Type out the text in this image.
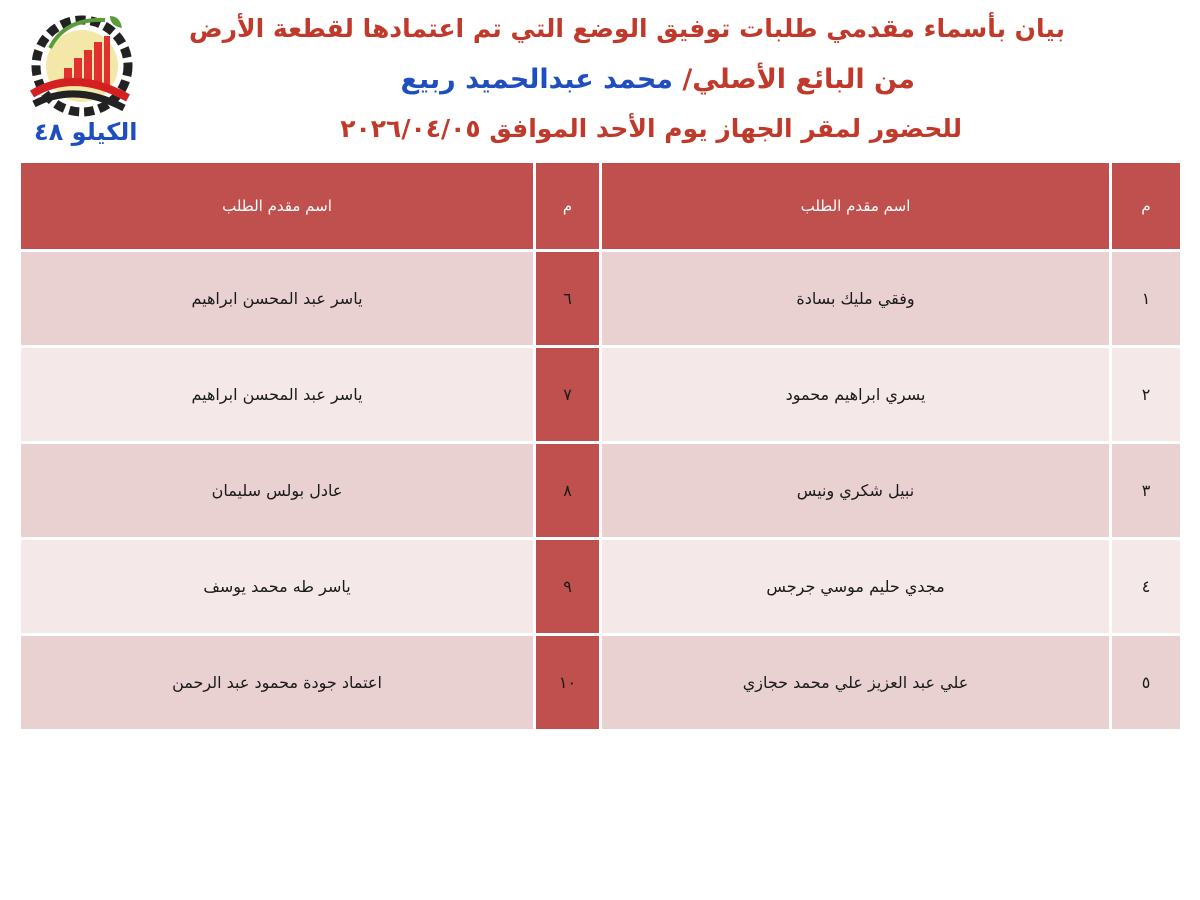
الكيلو ٤٨
بيان بأسماء مقدمي طلبات توفيق الوضع التي تم اعتمادها لقطعة الأرض
من البائع الأصلي/ محمد عبدالحميد ربيع
للحضور لمقر الجهاز يوم الأحد الموافق ٢٠٢٦/٠٤/٠٥
م	اسم مقدم الطلب	م	اسم مقدم الطلب
١	وفقي مليك بسادة	٦	ياسر عبد المحسن ابراهيم
٢	يسري ابراهيم محمود	٧	ياسر عبد المحسن ابراهيم
٣	نبيل شكري ونيس	٨	عادل بولس سليمان
٤	مجدي حليم موسي جرجس	٩	ياسر طه محمد يوسف
٥	علي عبد العزيز علي محمد حجازي	١٠	اعتماد جودة محمود عبد الرحمن
